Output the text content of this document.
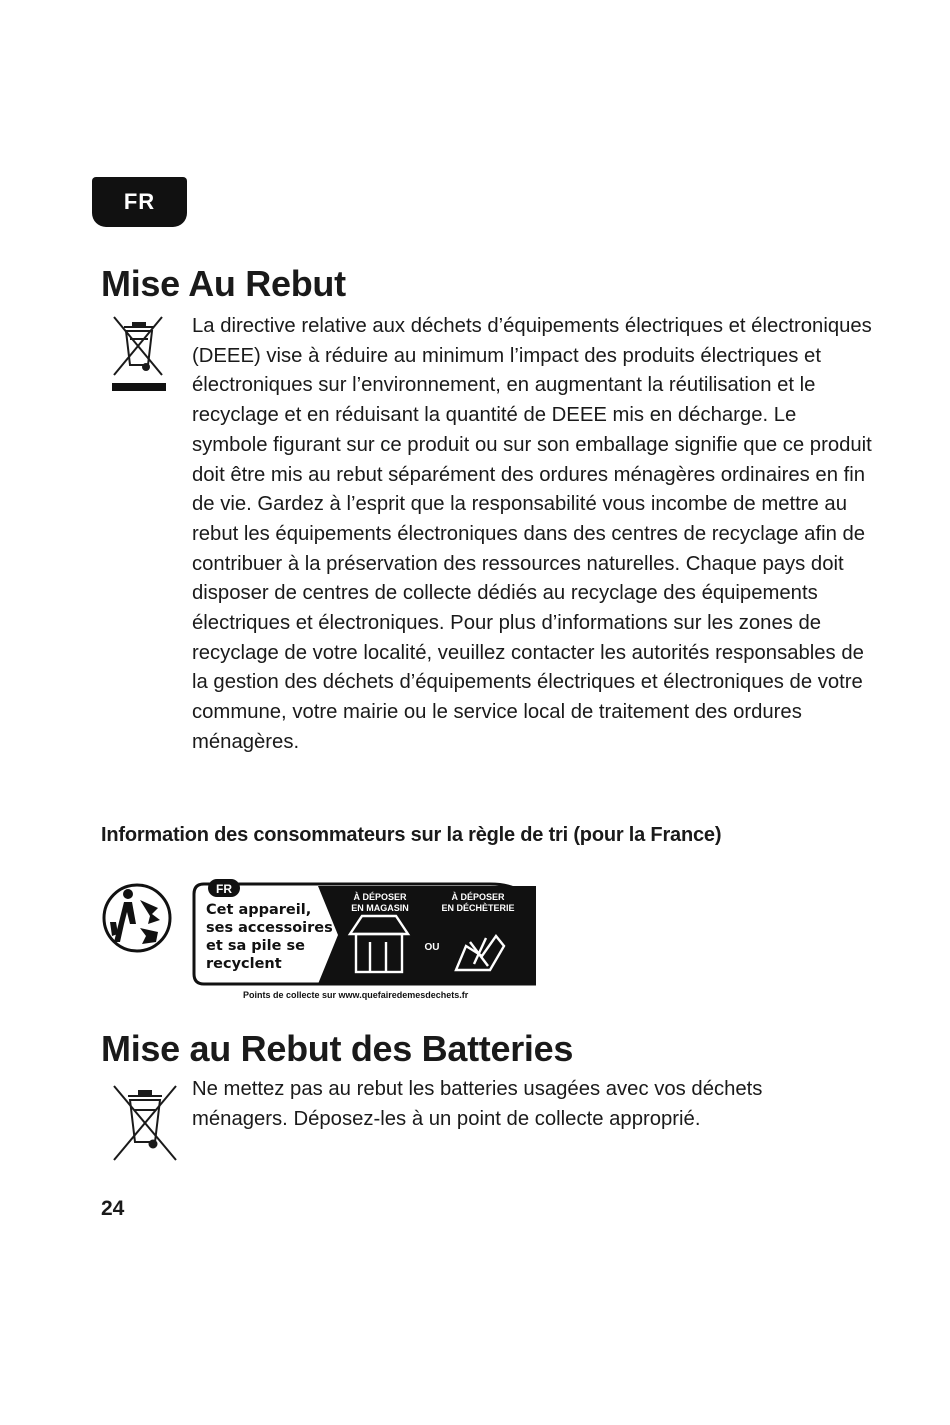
FR
Mise Au Rebut

La directive relative aux déchets d’équipements électriques et électroniques (DEEE) vise à réduire au minimum l’impact des produits électriques et électroniques sur l’environnement, en augmentant la réutilisation et le recyclage et en réduisant la quantité de DEEE mis en décharge. Le symbole figurant sur ce produit ou sur son emballage signifie que ce produit doit être mis au rebut séparément des ordures ménagères ordinaires en fin de vie. Gardez à l’esprit que la responsabilité vous incombe de mettre au rebut les équipements électroniques dans des centres de recyclage afin de contribuer à la préservation des ressources naturelles. Chaque pays doit disposer de centres de collecte dédiés au recyclage des équipements électriques et électroniques. Pour plus d’informations sur les zones de recyclage de votre localité, veuillez contacter les autorités responsables de la gestion des déchets d’équipements électriques et électroniques de votre commune, votre mairie ou le service local de traitement des ordures ménagères.

Information des consommateurs sur la règle de tri (pour la France)

FR
Cet appareil,
ses accessoires
et sa pile se
recyclent
À DÉPOSER
EN MAGASIN
À DÉPOSER
EN DÉCHÈTERIE
OU

Points de collecte sur www.quefairedemesdechets.fr

Mise au Rebut des Batteries

Ne mettez pas au rebut les batteries usagées avec vos déchets ménagers. Déposez-les à un point de collecte approprié.

24
